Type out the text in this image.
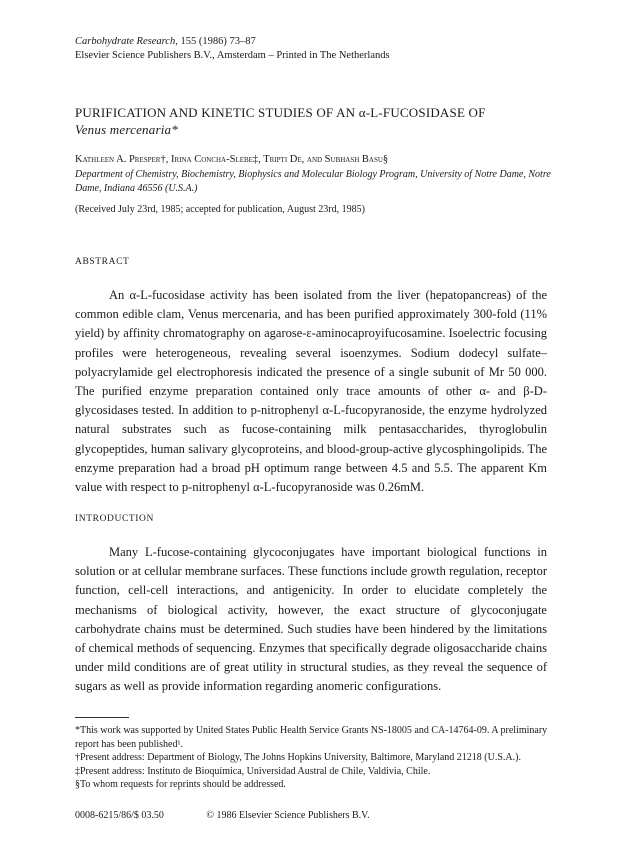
Carbohydrate Research, 155 (1986) 73–87
Elsevier Science Publishers B.V., Amsterdam – Printed in The Netherlands
PURIFICATION AND KINETIC STUDIES OF AN α-L-FUCOSIDASE OF
Venus mercenaria*
Kathleen A. Presper†, Irina Concha-Slebe‡, Tripti De, and Subhash Basu§
Department of Chemistry, Biochemistry, Biophysics and Molecular Biology Program, University of Notre Dame, Notre Dame, Indiana 46556 (U.S.A.)
(Received July 23rd, 1985; accepted for publication, August 23rd, 1985)
ABSTRACT
An α-L-fucosidase activity has been isolated from the liver (hepatopancreas) of the common edible clam, Venus mercenaria, and has been purified approximately 300-fold (11% yield) by affinity chromatography on agarose-ε-aminocaproyifucosamine. Isoelectric focusing profiles were heterogeneous, revealing several isoenzymes. Sodium dodecyl sulfate–polyacrylamide gel electrophoresis indicated the presence of a single subunit of Mr 50 000. The purified enzyme preparation contained only trace amounts of other α- and β-D-glycosidases tested. In addition to p-nitrophenyl α-L-fucopyranoside, the enzyme hydrolyzed natural substrates such as fucose-containing milk pentasaccharides, thyroglobulin glycopeptides, human salivary glycoproteins, and blood-group-active glycosphingolipids. The enzyme preparation had a broad pH optimum range between 4.5 and 5.5. The apparent Km value with respect to p-nitrophenyl α-L-fucopyranoside was 0.26mM.
INTRODUCTION
Many L-fucose-containing glycoconjugates have important biological functions in solution or at cellular membrane surfaces. These functions include growth regulation, receptor function, cell-cell interactions, and antigenicity. In order to elucidate completely the mechanisms of biological activity, however, the exact structure of glycoconjugate carbohydrate chains must be determined. Such studies have been hindered by the limitations of chemical methods of sequencing. Enzymes that specifically degrade oligosaccharide chains under mild conditions are of great utility in structural studies, as they reveal the sequence of sugars as well as provide information regarding anomeric configurations.

*This work was supported by United States Public Health Service Grants NS-18005 and CA-14764-09. A preliminary report has been published¹.

†Present address: Department of Biology, The Johns Hopkins University, Baltimore, Maryland 21218 (U.S.A.).

‡Present address: Instituto de Bioquímica, Universidad Austral de Chile, Valdivia, Chile.

§To whom requests for reprints should be addressed.

0008-6215/86/$ 03.50	© 1986 Elsevier Science Publishers B.V.
